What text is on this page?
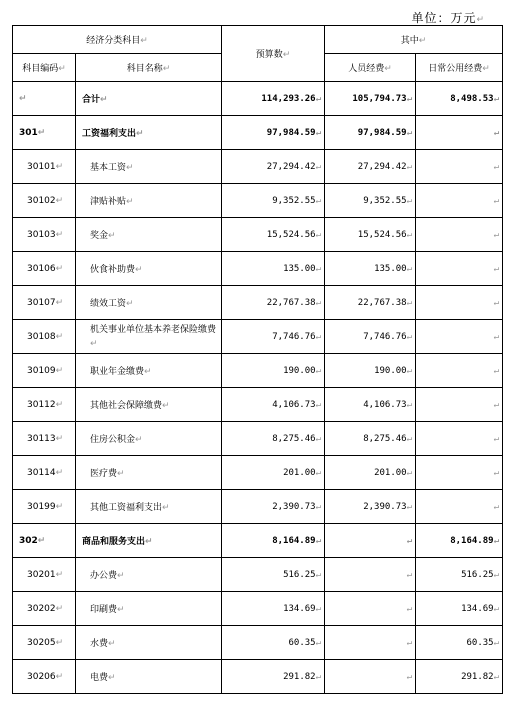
单位：万元↵
经济分类科目↵		预算数↵	其中↵	
科目编码↵	科目名称↵		人员经费↵	日常公用经费↵
↵	合计↵	114,293.26↵	105,794.73↵	8,498.53↵
301↵	工资福利支出↵	97,984.59↵	97,984.59↵	↵
30101↵	基本工资↵	27,294.42↵	27,294.42↵	↵
30102↵	津贴补贴↵	9,352.55↵	9,352.55↵	↵
30103↵	奖金↵	15,524.56↵	15,524.56↵	↵
30106↵	伙食补助费↵	135.00↵	135.00↵	↵
30107↵	绩效工资↵	22,767.38↵	22,767.38↵	↵
30108↵	机关事业单位基本养老保险缴费↵	7,746.76↵	7,746.76↵	↵
30109↵	职业年金缴费↵	190.00↵	190.00↵	↵
30112↵	其他社会保障缴费↵	4,106.73↵	4,106.73↵	↵
30113↵	住房公积金↵	8,275.46↵	8,275.46↵	↵
30114↵	医疗费↵	201.00↵	201.00↵	↵
30199↵	其他工资福利支出↵	2,390.73↵	2,390.73↵	↵
302↵	商品和服务支出↵	8,164.89↵	↵	8,164.89↵
30201↵	办公费↵	516.25↵	↵	516.25↵
30202↵	印刷费↵	134.69↵	↵	134.69↵
30205↵	水费↵	60.35↵	↵	60.35↵
30206↵	电费↵	291.82↵	↵	291.82↵
